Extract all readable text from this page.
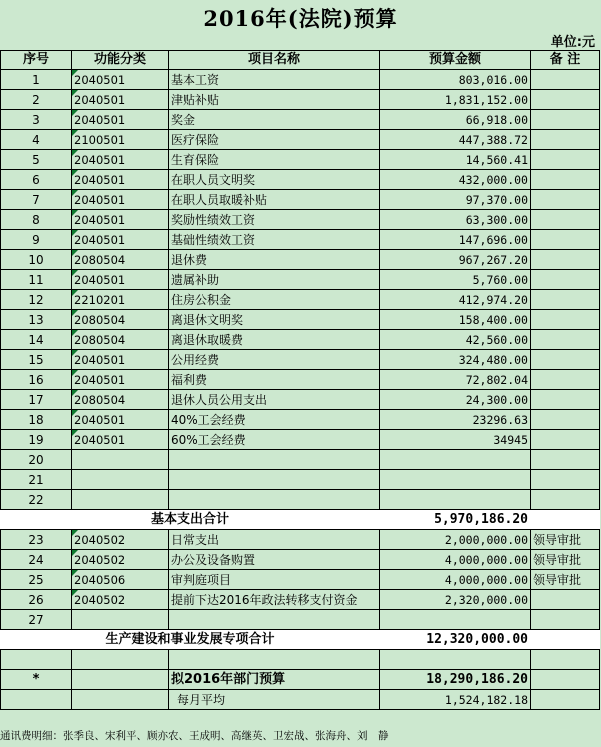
2016年(法院)预算
单位:元
序号	功能分类	项目名称	预算金额	备 注
1	2040501	基本工资	803,016.00	
2	2040501	津贴补贴	1,831,152.00	
3	2040501	奖金	66,918.00	
4	2100501	医疗保险	447,388.72	
5	2040501	生育保险	14,560.41	
6	2040501	在职人员文明奖	432,000.00	
7	2040501	在职人员取暖补贴	97,370.00	
8	2040501	奖励性绩效工资	63,300.00	
9	2040501	基础性绩效工资	147,696.00	
10	2080504	退休费	967,267.20	
11	2040501	遗属补助	5,760.00	
12	2210201	住房公积金	412,974.20	
13	2080504	离退休文明奖	158,400.00	
14	2080504	离退休取暖费	42,560.00	
15	2040501	公用经费	324,480.00	
16	2040501	福利费	72,802.04	
17	2080504	退休人员公用支出	24,300.00	
18	2040501	40%工会经费	23296.63	
19	2040501	60%工会经费	34945	
20				
21				
22				
基本支出合计			5,970,186.20	
23	2040502	日常支出	2,000,000.00	领导审批
24	2040502	办公及设备购置	4,000,000.00	领导审批
25	2040506	审判庭项目	4,000,000.00	领导审批
26	2040502	提前下达2016年政法转移支付资金	2,320,000.00	
27				
生产建设和事业发展专项合计			12,320,000.00	

*		拟2016年部门预算	18,290,186.20	
		每月平均	1,524,182.18	
通讯费明细：张季良、宋利平、顾亦农、王成明、高继英、卫宏战、张海舟、刘　静
